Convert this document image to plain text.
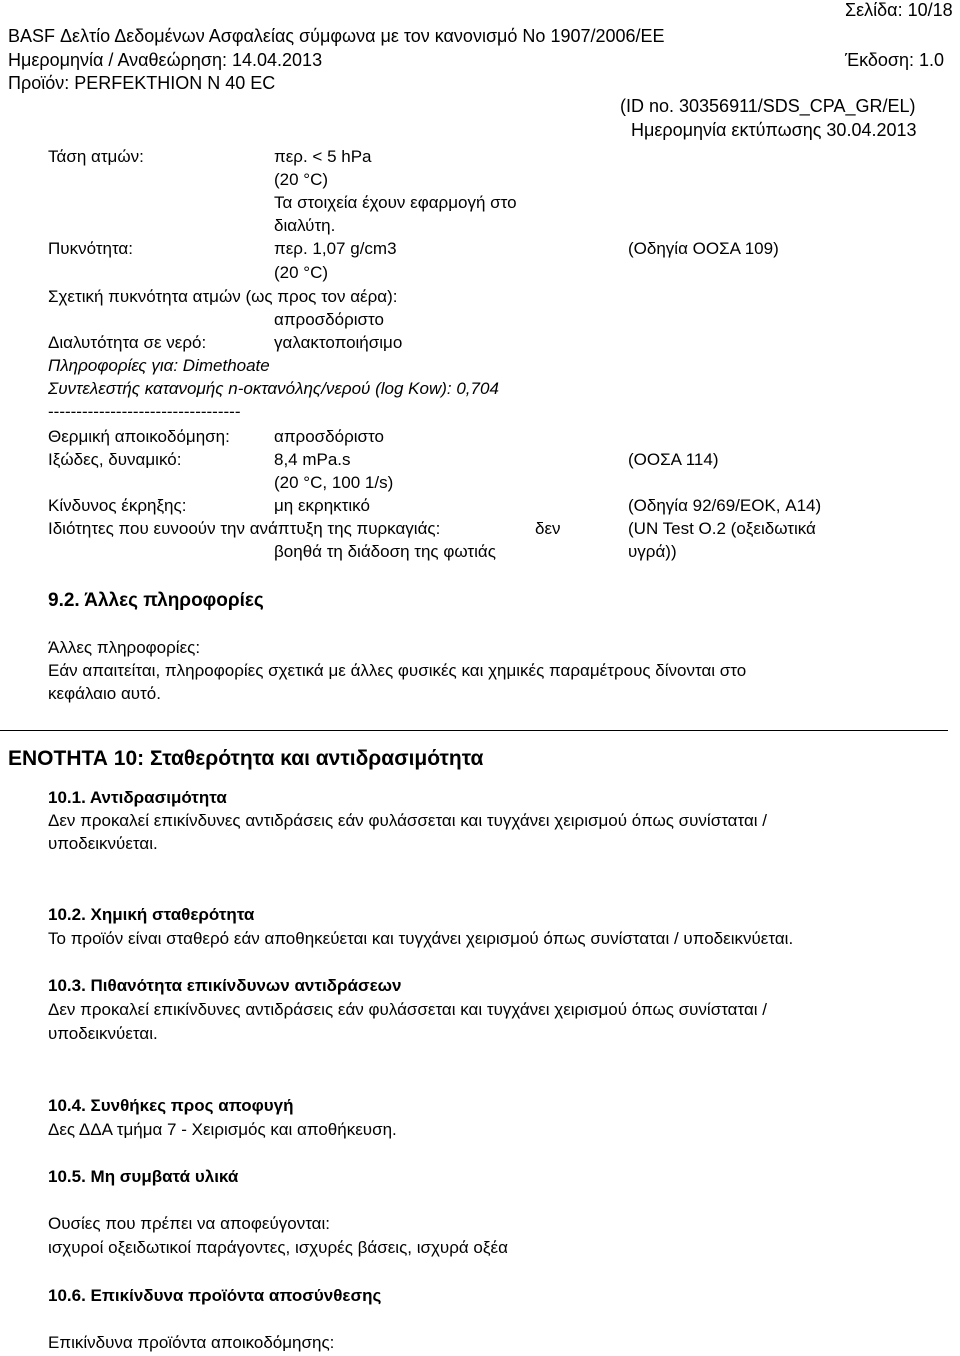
Σελίδα: 10/18
BASF Δελτίο Δεδομένων Ασφαλείας σύμφωνα με τον κανονισμό Νο 1907/2006/ΕΕ
Ημερομηνία / Αναθεώρηση: 14.04.2013	Έκδοση: 1.0
Προϊόν: PERFEKTHION N 40 EC
(ID no. 30356911/SDS_CPA_GR/EL)
Ημερομηνία εκτύπωσης 30.04.2013
Τάση ατμών:	περ. < 5 hPa
(20 °C)
Τα στοιχεία έχουν εφαρμογή στο
διαλύτη.
Πυκνότητα:	περ. 1,07 g/cm3	(Οδηγία ΟΟΣΑ 109)
(20 °C)
Σχετική πυκνότητα ατμών (ως προς τον αέρα):
απροσδόριστο
Διαλυτότητα σε νερό:	γαλακτοποιήσιμο
Πληροφορίες για: Dimethoate
Συντελεστής κατανομής n-οκτανόλης/νερού (log Kow): 0,704
----------------------------------
Θερμική αποικοδόμηση:	απροσδόριστο
Ιξώδες, δυναμικό:	8,4 mPa.s	(ΟΟΣΑ 114)
(20 °C, 100 1/s)
Κίνδυνος έκρηξης:	μη εκρηκτικό	(Οδηγία 92/69/ΕΟΚ, A14)
Ιδιότητες που ευνοούν την ανάπτυξη της πυρκαγιάς:	δεν	(UN Test O.2 (οξειδωτικά
βοηθά τη διάδοση της φωτιάς	υγρά))
9.2. Άλλες πληροφορίες
Άλλες πληροφορίες:
Εάν απαιτείται, πληροφορίες σχετικά με άλλες φυσικές και χημικές παραμέτρους δίνονται στο
κεφάλαιο αυτό.
ΕΝΟΤΗΤΑ 10: Σταθερότητα και αντιδρασιμότητα
10.1. Αντιδρασιμότητα
Δεν προκαλεί επικίνδυνες αντιδράσεις εάν φυλάσσεται και τυγχάνει χειρισμού όπως συνίσταται /
υποδεικνύεται.
10.2. Χημική σταθερότητα
Το προϊόν είναι σταθερό εάν αποθηκεύεται και τυγχάνει χειρισμού όπως συνίσταται / υποδεικνύεται.
10.3. Πιθανότητα επικίνδυνων αντιδράσεων
Δεν προκαλεί επικίνδυνες αντιδράσεις εάν φυλάσσεται και τυγχάνει χειρισμού όπως συνίσταται /
υποδεικνύεται.
10.4. Συνθήκες προς αποφυγή
Δες ΔΔΑ τμήμα 7 - Χειρισμός και αποθήκευση.
10.5. Μη συμβατά υλικά
Ουσίες που πρέπει να αποφεύγονται:
ισχυροί οξειδωτικοί παράγοντες, ισχυρές βάσεις, ισχυρά οξέα
10.6. Επικίνδυνα προϊόντα αποσύνθεσης
Επικίνδυνα προϊόντα αποικοδόμησης:
